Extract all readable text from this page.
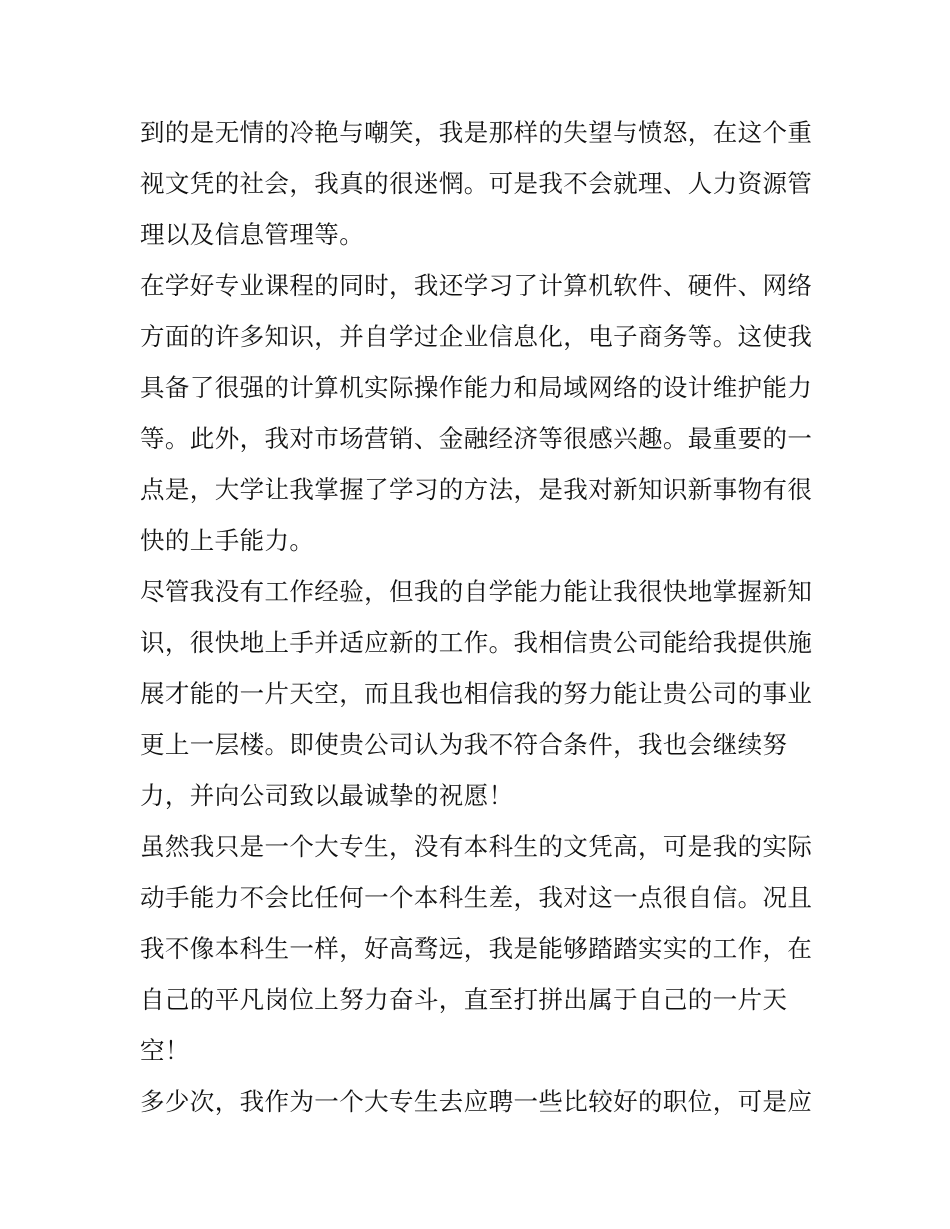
到的是无情的冷艳与嘲笑，我是那样的失望与愤怒，在这个重
视文凭的社会，我真的很迷惘。可是我不会就理、人力资源管
理以及信息管理等。
在学好专业课程的同时，我还学习了计算机软件、硬件、网络
方面的许多知识，并自学过企业信息化，电子商务等。这使我
具备了很强的计算机实际操作能力和局域网络的设计维护能力
等。此外，我对市场营销、金融经济等很感兴趣。最重要的一
点是，大学让我掌握了学习的方法，是我对新知识新事物有很
快的上手能力。
尽管我没有工作经验，但我的自学能力能让我很快地掌握新知
识，很快地上手并适应新的工作。我相信贵公司能给我提供施
展才能的一片天空，而且我也相信我的努力能让贵公司的事业
更上一层楼。即使贵公司认为我不符合条件，我也会继续努
力，并向公司致以最诚挚的祝愿！
虽然我只是一个大专生，没有本科生的文凭高，可是我的实际
动手能力不会比任何一个本科生差，我对这一点很自信。况且
我不像本科生一样，好高骛远，我是能够踏踏实实的工作，在
自己的平凡岗位上努力奋斗，直至打拼出属于自己的一片天
空！
多少次，我作为一个大专生去应聘一些比较好的职位，可是应
